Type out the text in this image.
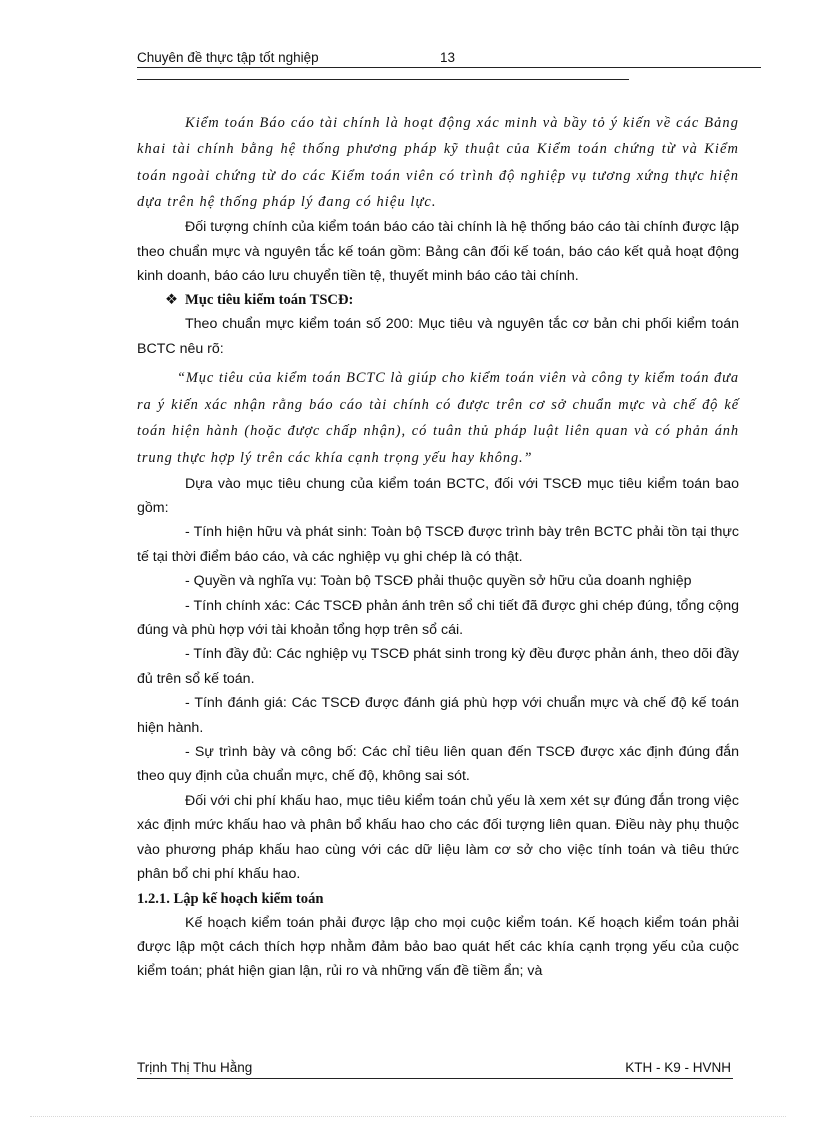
Chuyên đề thực tập tốt nghiệp	13

Kiểm toán Báo cáo tài chính là hoạt động xác minh và bầy tỏ ý kiến về các Bảng khai tài chính bằng hệ thống phương pháp kỹ thuật của Kiểm toán chứng từ và Kiểm toán ngoài chứng từ do các Kiểm toán viên có trình độ nghiệp vụ tương xứng thực hiện dựa trên hệ thống pháp lý đang có hiệu lực.

Đối tượng chính của kiểm toán báo cáo tài chính là hệ thống báo cáo tài chính được lập theo chuẩn mực và nguyên tắc kế toán gồm: Bảng cân đối kế toán, báo cáo kết quả hoạt động kinh doanh, báo cáo lưu chuyển tiền tệ, thuyết minh báo cáo tài chính.

❖ Mục tiêu kiểm toán TSCĐ:

Theo chuẩn mực kiểm toán số 200: Mục tiêu và nguyên tắc cơ bản chi phối kiểm toán BCTC nêu rõ:

“Mục tiêu của kiểm toán BCTC là giúp cho kiểm toán viên và công ty kiểm toán đưa ra ý kiến xác nhận rằng báo cáo tài chính có được trên cơ sở chuẩn mực và chế độ kế toán hiện hành (hoặc được chấp nhận), có tuân thủ pháp luật liên quan và có phản ánh trung thực hợp lý trên các khía cạnh trọng yếu hay không.”

Dựa vào mục tiêu chung của kiểm toán BCTC, đối với TSCĐ mục tiêu kiểm toán bao gồm:

- Tính hiện hữu và phát sinh: Toàn bộ TSCĐ được trình bày trên BCTC phải tồn tại thực tế tại thời điểm báo cáo, và các nghiệp vụ ghi chép là có thật.

- Quyền và nghĩa vụ: Toàn bộ TSCĐ phải thuộc quyền sở hữu của doanh nghiệp

- Tính chính xác: Các TSCĐ phản ánh trên sổ chi tiết đã được ghi chép đúng, tổng cộng đúng và phù hợp với tài khoản tổng hợp trên sổ cái.

- Tính đầy đủ: Các nghiệp vụ TSCĐ phát sinh trong kỳ đều được phản ánh, theo dõi đầy đủ trên sổ kế toán.

- Tính đánh giá: Các TSCĐ được đánh giá phù hợp với chuẩn mực và chế độ kế toán hiện hành.

- Sự trình bày và công bố: Các chỉ tiêu liên quan đến TSCĐ được xác định đúng đắn theo quy định của chuẩn mực, chế độ, không sai sót.

Đối với chi phí khấu hao, mục tiêu kiểm toán chủ yếu là xem xét sự đúng đắn trong việc xác định mức khấu hao và phân bổ khấu hao cho các đối tượng liên quan. Điều này phụ thuộc vào phương pháp khấu hao cùng với các dữ liệu làm cơ sở cho việc tính toán và tiêu thức phân bổ chi phí khấu hao.

1.2.1. Lập kế hoạch kiểm toán

Kế hoạch kiểm toán phải được lập cho mọi cuộc kiểm toán. Kế hoạch kiểm toán phải được lập một cách thích hợp nhằm đảm bảo bao quát hết các khía cạnh trọng yếu của cuộc kiểm toán; phát hiện gian lận, rủi ro và những vấn đề tiềm ẩn; và

Trịnh Thị Thu Hằng	KTH - K9 - HVNH
